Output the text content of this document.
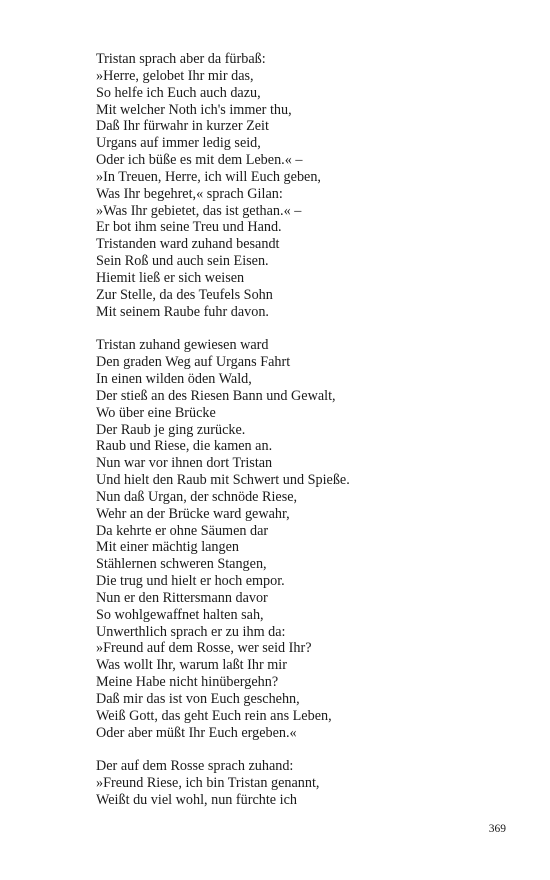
Tristan sprach aber da fürbaß:
»Herre, gelobet Ihr mir das,
So helfe ich Euch auch dazu,
Mit welcher Noth ich's immer thu,
Daß Ihr fürwahr in kurzer Zeit
Urgans auf immer ledig seid,
Oder ich büße es mit dem Leben.« –
»In Treuen, Herre, ich will Euch geben,
Was Ihr begehret,« sprach Gilan:
»Was Ihr gebietet, das ist gethan.« –
Er bot ihm seine Treu und Hand.
Tristanden ward zuhand besandt
Sein Roß und auch sein Eisen.
Hiemit ließ er sich weisen
Zur Stelle, da des Teufels Sohn
Mit seinem Raube fuhr davon.
Tristan zuhand gewiesen ward
Den graden Weg auf Urgans Fahrt
In einen wilden öden Wald,
Der stieß an des Riesen Bann und Gewalt,
Wo über eine Brücke
Der Raub je ging zurücke.
Raub und Riese, die kamen an.
Nun war vor ihnen dort Tristan
Und hielt den Raub mit Schwert und Spieße.
Nun daß Urgan, der schnöde Riese,
Wehr an der Brücke ward gewahr,
Da kehrte er ohne Säumen dar
Mit einer mächtig langen
Stählernen schweren Stangen,
Die trug und hielt er hoch empor.
Nun er den Rittersmann davor
So wohlgewaffnet halten sah,
Unwerthlich sprach er zu ihm da:
»Freund auf dem Rosse, wer seid Ihr?
Was wollt Ihr, warum laßt Ihr mir
Meine Habe nicht hinübergehn?
Daß mir das ist von Euch geschehn,
Weiß Gott, das geht Euch rein ans Leben,
Oder aber müßt Ihr Euch ergeben.«
Der auf dem Rosse sprach zuhand:
»Freund Riese, ich bin Tristan genannt,
Weißt du viel wohl, nun fürchte ich
369
